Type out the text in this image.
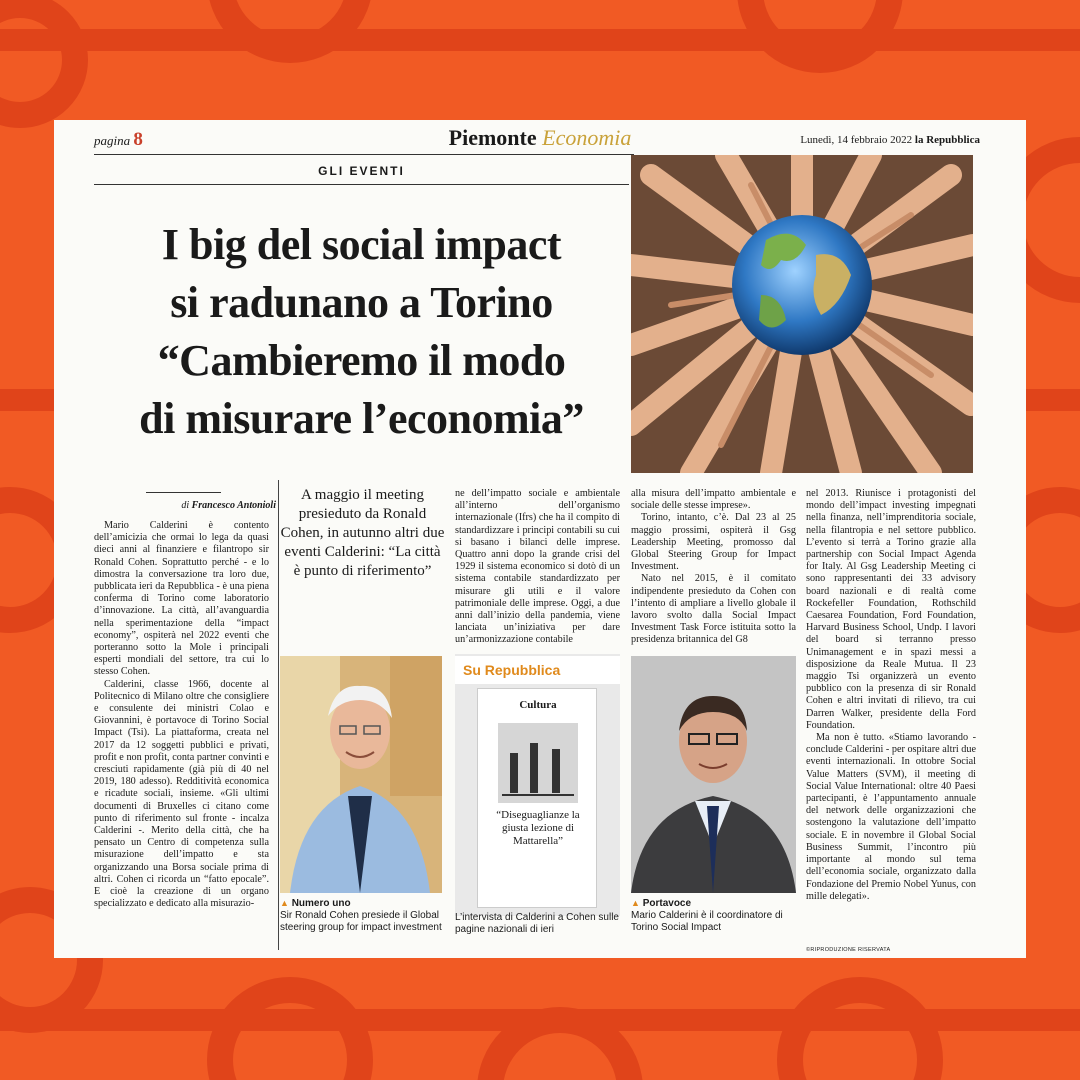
pagina 8	Piemonte Economia	Lunedì, 14 febbraio 2022 la Repubblica
GLI EVENTI
I big del social impact
si radunano a Torino
“Cambieremo il modo
di misurare l’economia”
di Francesco Antonioli

Mario Calderini è contento dell’amicizia che ormai lo lega da quasi dieci anni al finanziere e filantropo sir Ronald Cohen. Soprattutto perché - e lo dimostra la conversazione tra loro due, pubblicata ieri da Repubblica - è una piena conferma di Torino come laboratorio d’innovazione. La città, all’avanguardia nella sperimentazione della “impact economy”, ospiterà nel 2022 eventi che porteranno sotto la Mole i principali esperti mondiali del settore, tra cui lo stesso Cohen.

Calderini, classe 1966, docente al Politecnico di Milano oltre che consigliere e consulente dei ministri Colao e Giovannini, è portavoce di Torino Social Impact (Tsi). La piattaforma, creata nel 2017 da 12 soggetti pubblici e privati, profit e non profit, conta partner convinti e cresciuti rapidamente (già più di 40 nel 2019, 180 adesso). Redditività economica e ricadute sociali, insieme. «Gli ultimi documenti di Bruxelles ci citano come punto di riferimento sul fronte - incalza Calderini -. Merito della città, che ha pensato un Centro di competenza sulla misurazione dell’impatto e sta organizzando una Borsa sociale prima di altri. Cohen ci ricorda un “fatto epocale”. E cioè la creazione di un organo specializzato e dedicato alla misurazio-

A maggio il meeting presieduto da Ronald Cohen, in autunno altri due eventi Calderini: “La città è punto di riferimento”
▲ Numero uno
Sir Ronald Cohen presiede il Global steering group for impact investment

ne dell’impatto sociale e ambientale all’interno dell’organismo internazionale (Ifrs) che ha il compito di standardizzare i principi contabili su cui si basano i bilanci delle imprese. Quattro anni dopo la grande crisi del 1929 il sistema economico si dotò di un sistema contabile standardizzato per misurare gli utili e il valore patrimoniale delle imprese. Oggi, a due anni dall’inizio della pandemia, viene lanciata un’iniziativa per dare un’armonizzazione contabile

Su Repubblica
Cultura
“Diseguaglianze la giusta lezione di Mattarella”
L’intervista di Calderini a Cohen sulle pagine nazionali di ieri

alla misura dell’impatto ambientale e sociale delle stesse imprese».

Torino, intanto, c’è. Dal 23 al 25 maggio prossimi, ospiterà il Gsg Leadership Meeting, promosso dal Global Steering Group for Impact Investment.

Nato nel 2015, è il comitato indipendente presieduto da Cohen con l’intento di ampliare a livello globale il lavoro svolto dalla Social Impact Investment Task Force istituita sotto la presidenza britannica del G8

▲ Portavoce
Mario Calderini è il coordinatore di Torino Social Impact

nel 2013. Riunisce i protagonisti del mondo dell’impact investing impegnati nella finanza, nell’imprenditoria sociale, nella filantropia e nel settore pubblico. L’evento si terrà a Torino grazie alla partnership con Social Impact Agenda for Italy. Al Gsg Leadership Meeting ci sono rappresentanti dei 33 advisory board nazionali e di realtà come Rockefeller Foundation, Rothschild Caesarea Foundation, Ford Foundation, Harvard Business School, Undp. I lavori del board si terranno presso Unimanagement e in spazi messi a disposizione da Reale Mutua. Il 23 maggio Tsi organizzerà un evento pubblico con la presenza di sir Ronald Cohen e altri invitati di rilievo, tra cui Darren Walker, presidente della Ford Foundation.

Ma non è tutto. «Stiamo lavorando - conclude Calderini - per ospitare altri due eventi internazionali. In ottobre Social Value Matters (SVM), il meeting di Social Value International: oltre 40 Paesi partecipanti, è l’appuntamento annuale del network delle organizzazioni che sostengono la valutazione dell’impatto sociale. E in novembre il Global Social Business Summit, l’incontro più importante al mondo sul tema dell’economia sociale, organizzato dalla Fondazione del Premio Nobel Yunus, con mille delegati».

©RIPRODUZIONE RISERVATA
